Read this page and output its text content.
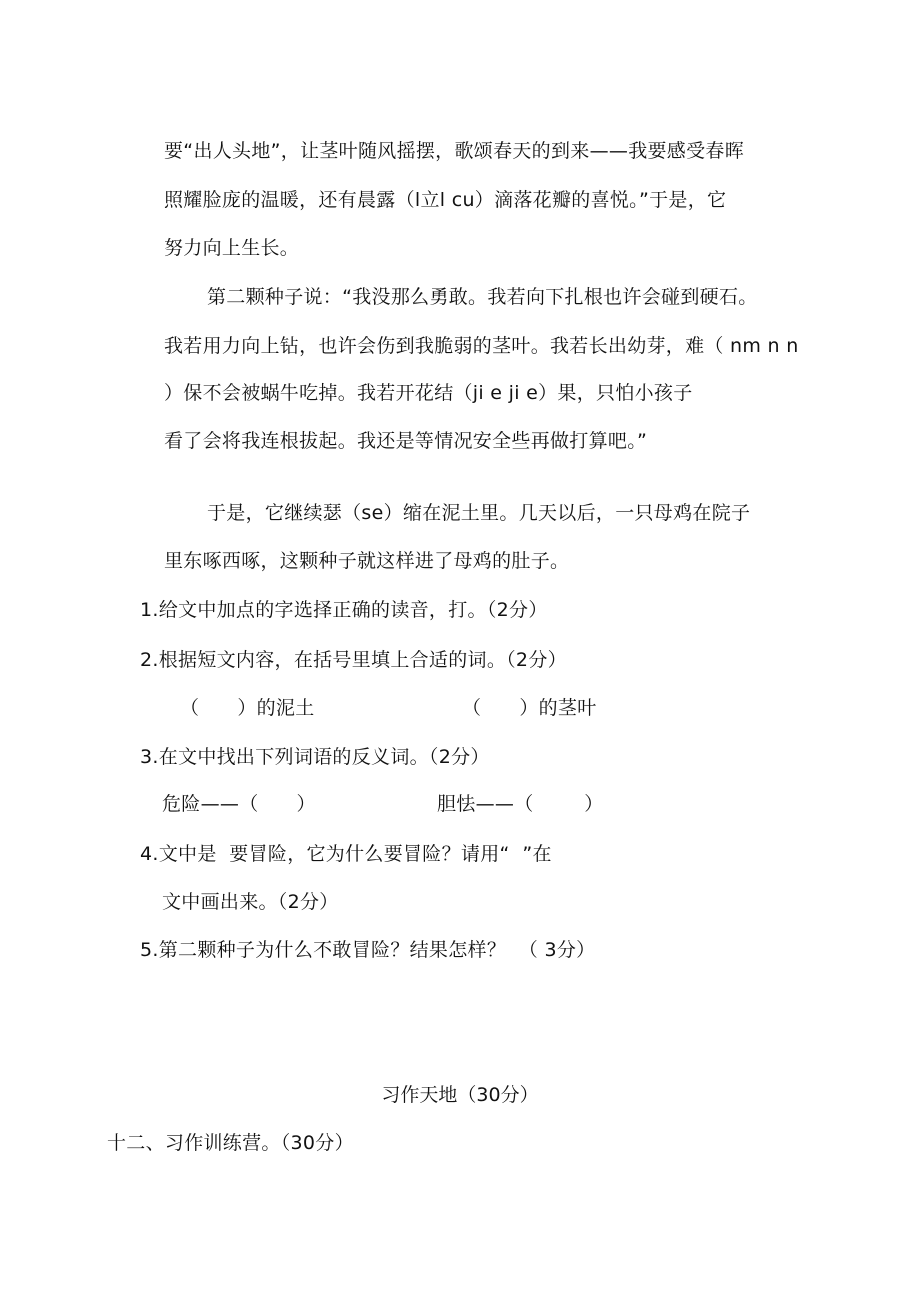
要“出人头地”，让茎叶随风摇摆，歌颂春天的到来——我要感受春晖
照耀脸庞的温暖，还有晨露（l立l cu）滴落花瓣的喜悦。”于是，它
努力向上生长。
第二颗种子说：“我没那么勇敢。我若向下扎根也许会碰到硬石。
我若用力向上钻，也许会伤到我脆弱的茎叶。我若长出幼芽，难（ nm n n
）保不会被蜗牛吃掉。我若开花结（ji e ji e）果，只怕小孩子
看了会将我连根拔起。我还是等情况安全些再做打算吧。”
于是，它继续瑟（se）缩在泥土里。几天以后，一只母鸡在院子
里东啄西啄，这颗种子就这样进了母鸡的肚子。
1.给文中加点的字选择正确的读音，打。（2分）
2.根据短文内容，在括号里填上合适的词。（2分）
（      ）的泥土	（      ）的茎叶
3.在文中找出下列词语的反义词。（2分）
危险——（      ）	胆怯——（        ）
4.文中是  要冒险，它为什么要冒险？请用“  ”在
文中画出来。（2分）
5.第二颗种子为什么不敢冒险？结果怎样？  （ 3分）
习作天地（30分）
十二、习作训练营。（30分）
